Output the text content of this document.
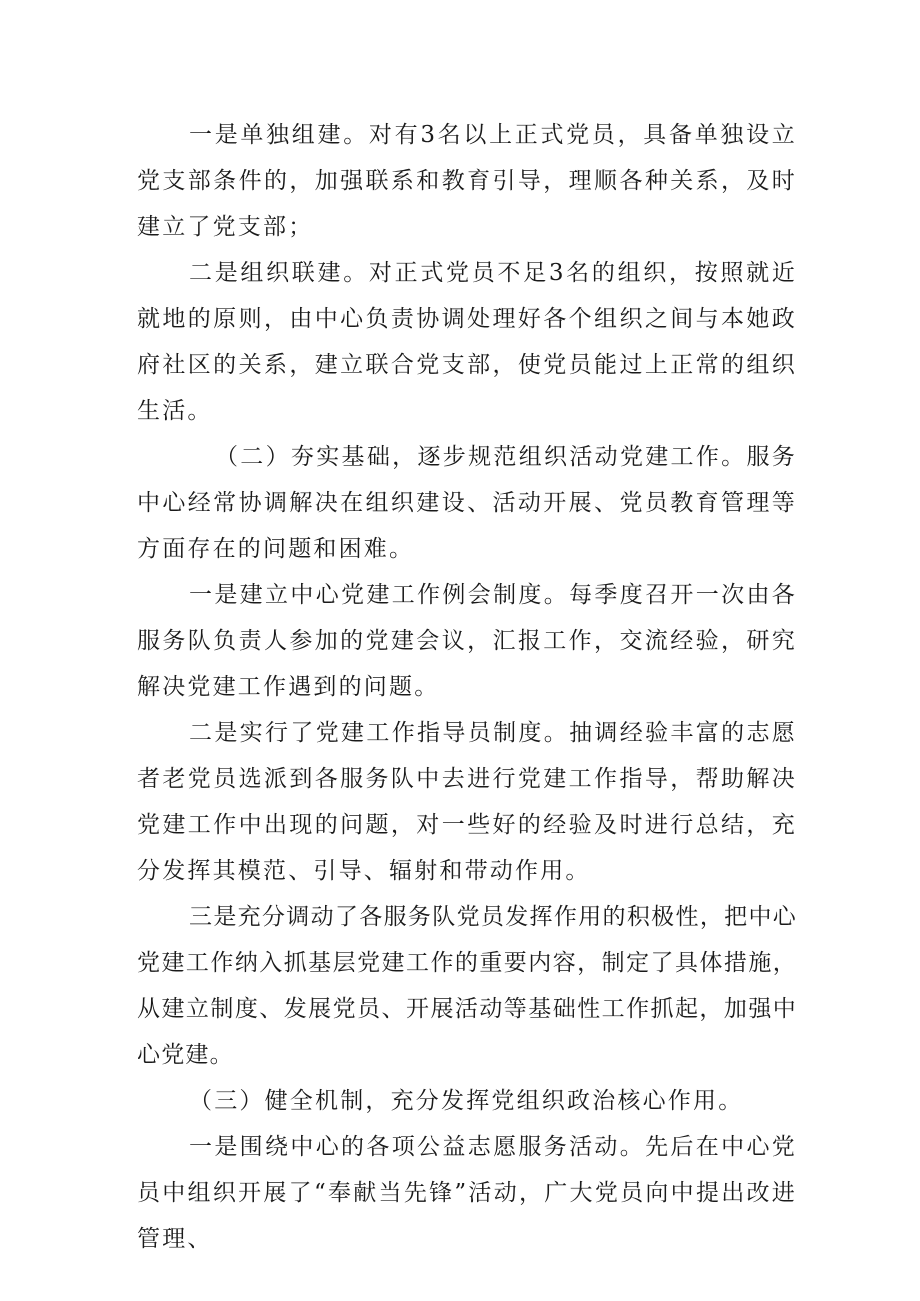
一是单独组建。对有3名以上正式党员，具备单独设立党支部条件的，加强联系和教育引导，理顺各种关系，及时建立了党支部；

二是组织联建。对正式党员不足3名的组织，按照就近就地的原则，由中心负责协调处理好各个组织之间与本她政府社区的关系，建立联合党支部，使党员能过上正常的组织生活。

（二）夯实基础，逐步规范组织活动党建工作。服务中心经常协调解决在组织建设、活动开展、党员教育管理等方面存在的问题和困难。

一是建立中心党建工作例会制度。每季度召开一次由各服务队负责人参加的党建会议，汇报工作，交流经验，研究解决党建工作遇到的问题。

二是实行了党建工作指导员制度。抽调经验丰富的志愿者老党员选派到各服务队中去进行党建工作指导，帮助解决党建工作中出现的问题，对一些好的经验及时进行总结，充分发挥其模范、引导、辐射和带动作用。

三是充分调动了各服务队党员发挥作用的积极性，把中心党建工作纳入抓基层党建工作的重要内容，制定了具体措施，从建立制度、发展党员、开展活动等基础性工作抓起，加强中心党建。

（三）健全机制，充分发挥党组织政治核心作用。

一是围绕中心的各项公益志愿服务活动。先后在中心党员中组织开展了“奉献当先锋”活动，广大党员向中提出改进管理、
